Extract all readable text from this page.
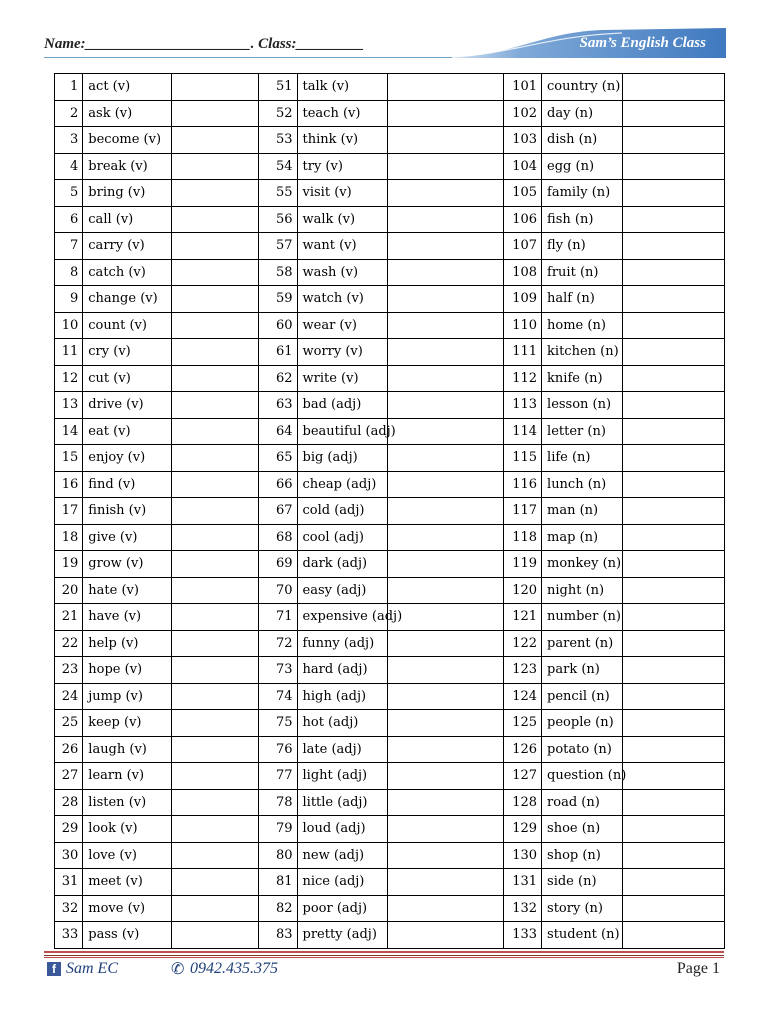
Name:______________________. Class:_________	Sam’s English Class
1	act (v)		51	talk (v)		101	country (n)	
2	ask (v)		52	teach (v)		102	day (n)	
3	become (v)		53	think (v)		103	dish (n)	
4	break (v)		54	try (v)		104	egg (n)	
5	bring (v)		55	visit (v)		105	family (n)	
6	call (v)		56	walk (v)		106	fish (n)	
7	carry (v)		57	want (v)		107	fly (n)	
8	catch (v)		58	wash (v)		108	fruit (n)	
9	change (v)		59	watch (v)		109	half (n)	
10	count (v)		60	wear (v)		110	home (n)	
11	cry (v)		61	worry (v)		111	kitchen (n)	
12	cut (v)		62	write (v)		112	knife (n)	
13	drive (v)		63	bad (adj)		113	lesson (n)	
14	eat (v)		64	beautiful (adj)		114	letter (n)	
15	enjoy (v)		65	big (adj)		115	life (n)	
16	find (v)		66	cheap (adj)		116	lunch (n)	
17	finish (v)		67	cold (adj)		117	man (n)	
18	give (v)		68	cool (adj)		118	map (n)	
19	grow (v)		69	dark (adj)		119	monkey (n)	
20	hate (v)		70	easy (adj)		120	night (n)	
21	have (v)		71	expensive (adj)		121	number (n)	
22	help (v)		72	funny (adj)		122	parent (n)	
23	hope (v)		73	hard (adj)		123	park (n)	
24	jump (v)		74	high (adj)		124	pencil (n)	
25	keep (v)		75	hot (adj)		125	people (n)	
26	laugh (v)		76	late (adj)		126	potato (n)	
27	learn (v)		77	light (adj)		127	question (n)	
28	listen (v)		78	little (adj)		128	road (n)	
29	look (v)		79	loud (adj)		129	shoe (n)	
30	love (v)		80	new (adj)		130	shop (n)	
31	meet (v)		81	nice (adj)		131	side (n)	
32	move (v)		82	poor (adj)		132	story (n)	
33	pass (v)		83	pretty (adj)		133	student (n)	
f Sam EC	✆ 0942.435.375	Page 1
